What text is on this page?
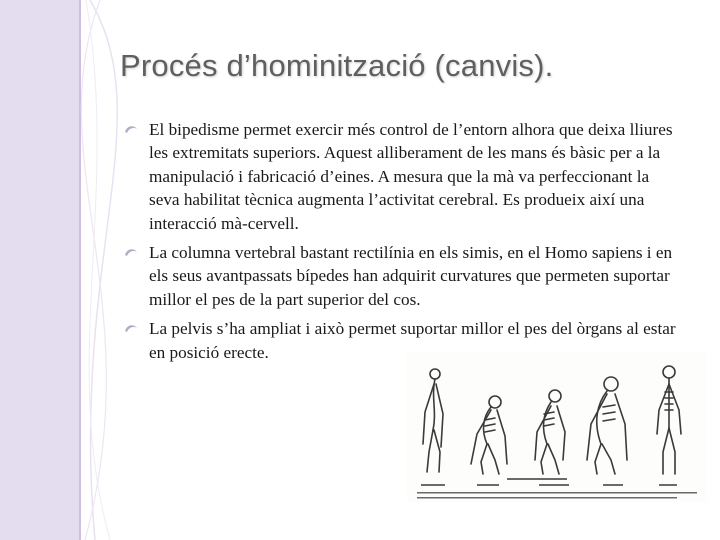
Procés d’hominització (canvis).
El bipedisme permet exercir més control de l’entorn alhora que deixa lliures les extremitats superiors. Aquest alliberament de les mans és bàsic per a la manipulació i fabricació d’eines. A mesura que la mà va perfeccionant la seva habilitat tècnica augmenta l’activitat cerebral. Es produeix així una interacció mà-cervell.
La columna vertebral bastant rectilínia en els simis, en el Homo sapiens i en els seus avantpassats bípedes han adquirit curvatures que permeten suportar millor el pes de la part superior del cos.
La pelvis s’ha ampliat i això permet suportar millor el pes del òrgans al estar en posició erecte.
